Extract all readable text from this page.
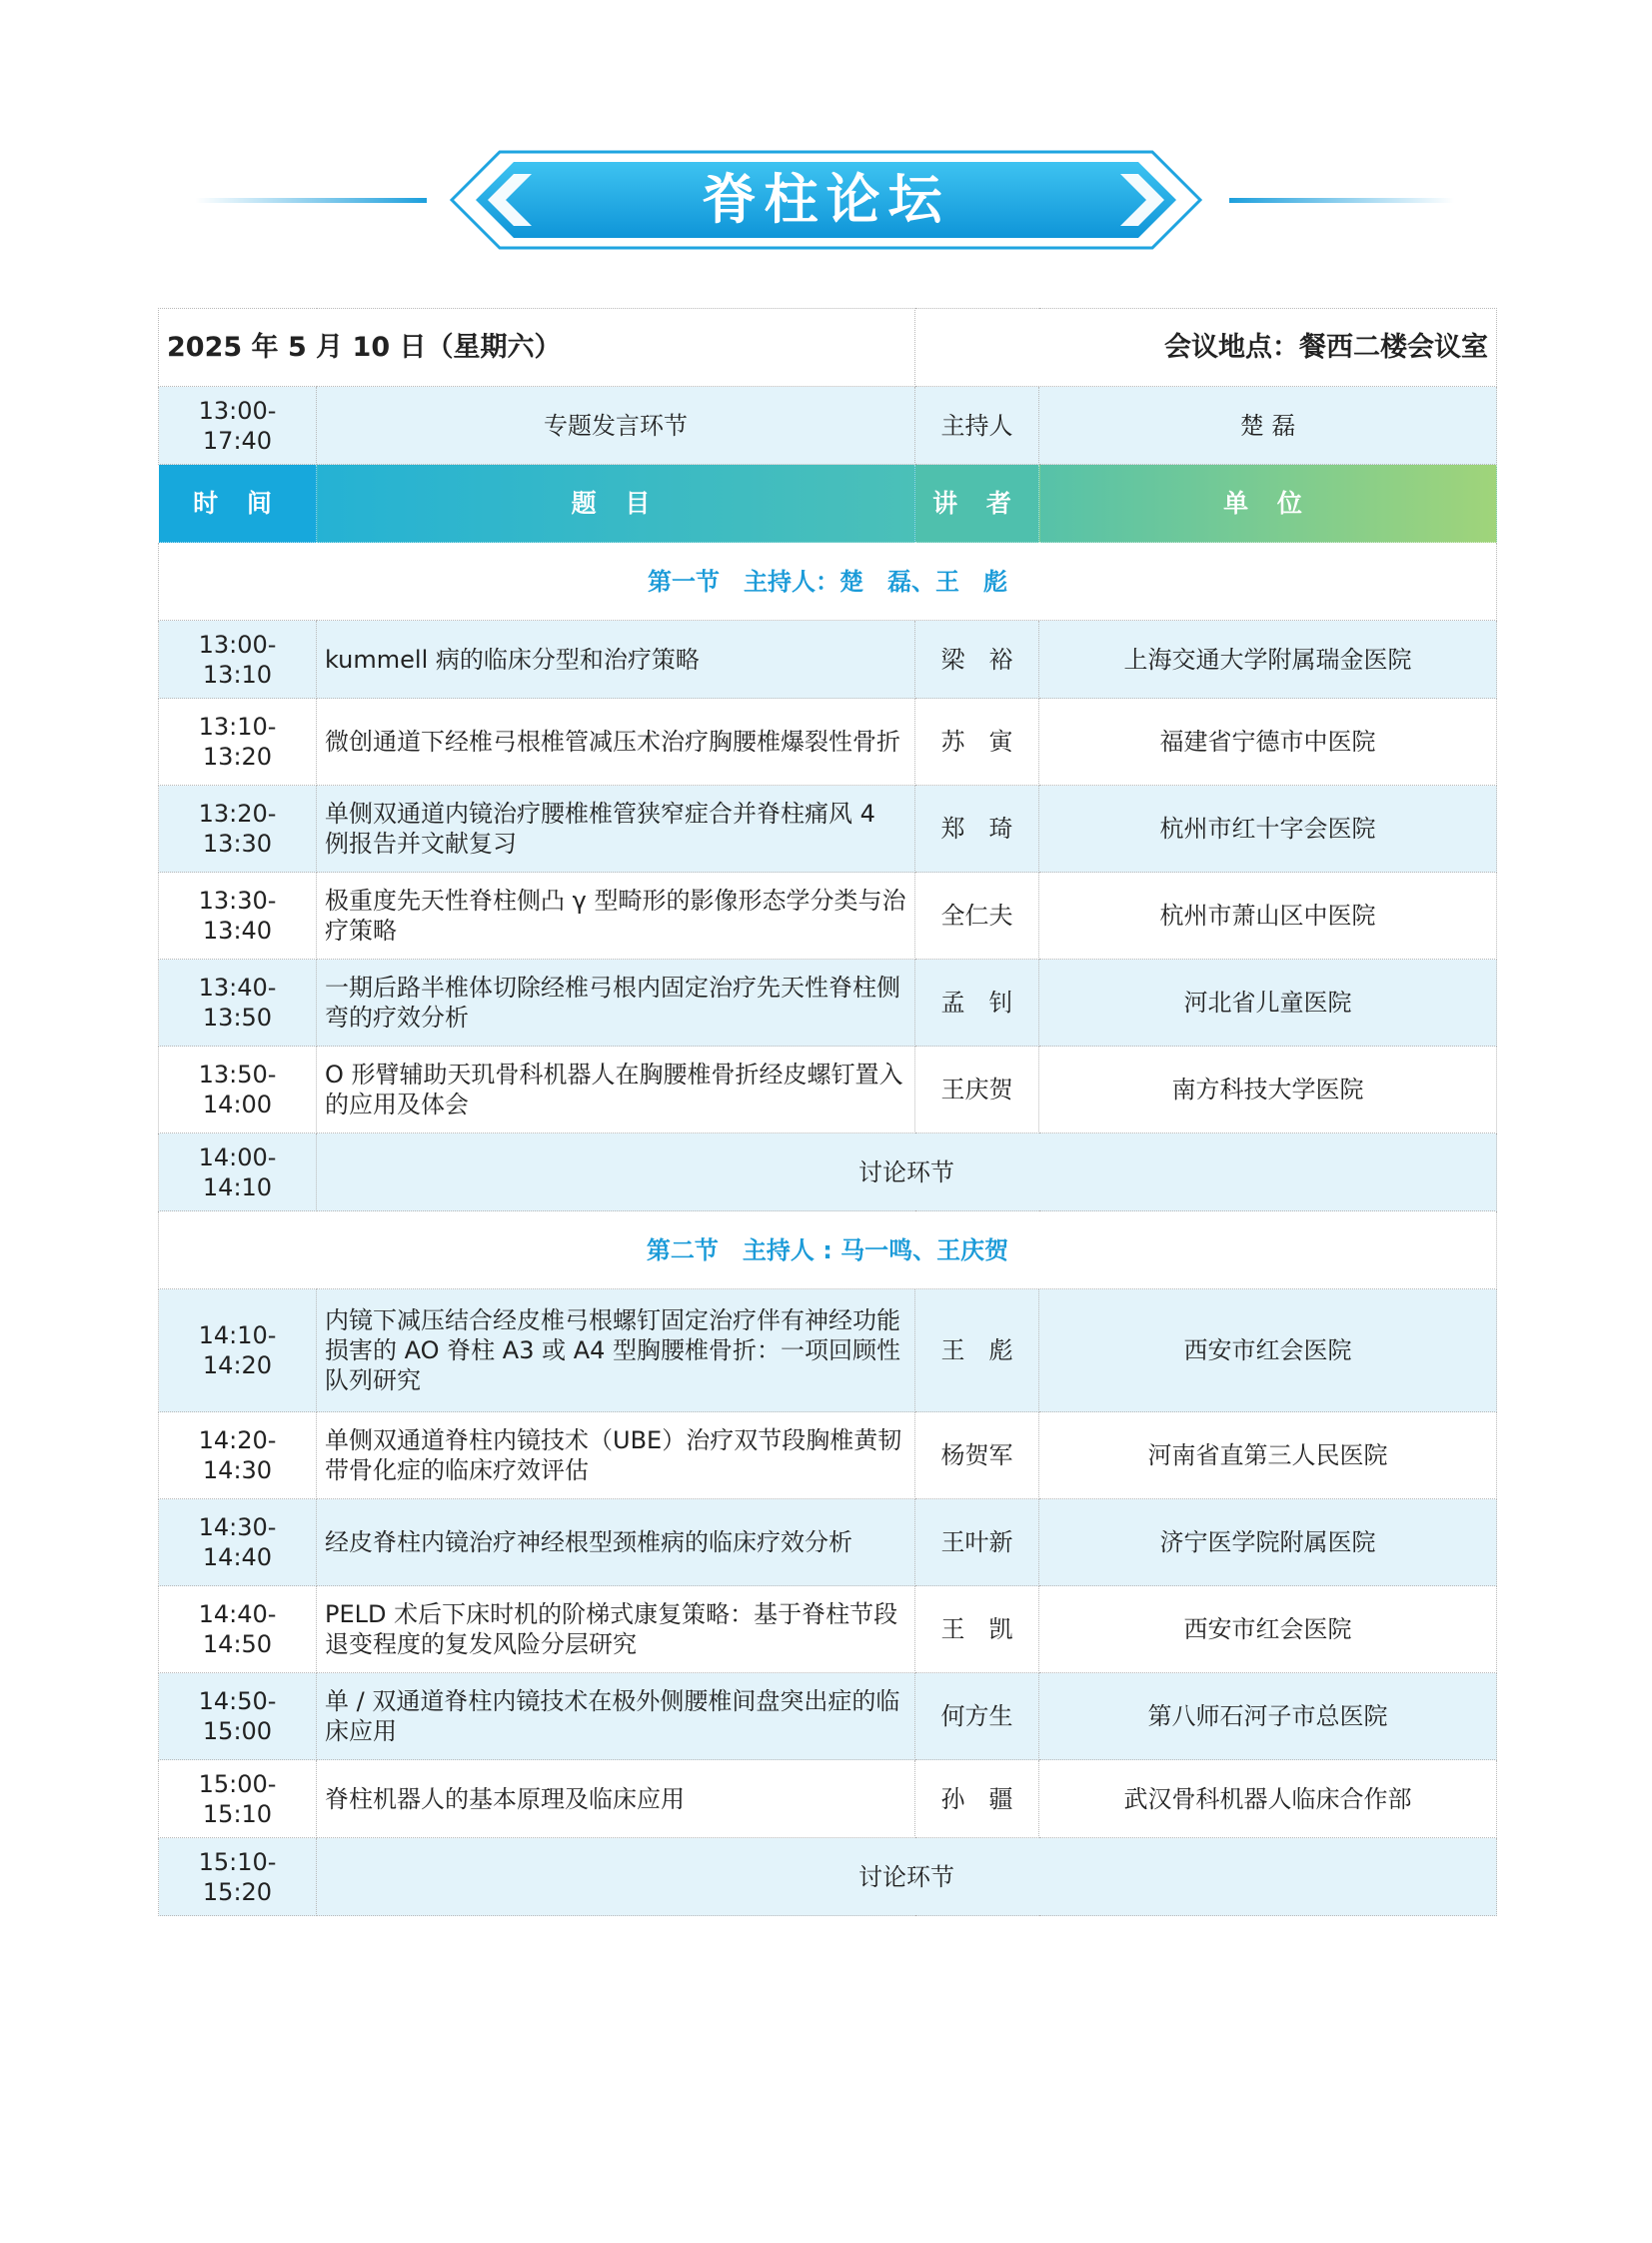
脊柱论坛
2025 年 5 月 10 日（星期六）		会议地点：餐西二楼会议室	
13:00-17:40	专题发言环节	主持人	楚 磊
时 间	题 目	讲 者	单 位
第一节　主持人：楚　磊、王　彪			
13:00-13:10	kummell 病的临床分型和治疗策略	梁　裕	上海交通大学附属瑞金医院
13:10-13:20	微创通道下经椎弓根椎管减压术治疗胸腰椎爆裂性骨折	苏　寅	福建省宁德市中医院
13:20-13:30	单侧双通道内镜治疗腰椎椎管狭窄症合并脊柱痛风 4 例报告并文献复习	郑　琦	杭州市红十字会医院
13:30-13:40	极重度先天性脊柱侧凸 γ 型畸形的影像形态学分类与治疗策略	全仁夫	杭州市萧山区中医院
13:40-13:50	一期后路半椎体切除经椎弓根内固定治疗先天性脊柱侧弯的疗效分析	孟　钊	河北省儿童医院
13:50-14:00	O 形臂辅助天玑骨科机器人在胸腰椎骨折经皮螺钉置入的应用及体会	王庆贺	南方科技大学医院
14:00-14:10	讨论环节		
第二节　主持人 : 马一鸣、王庆贺			
14:10-14:20	内镜下减压结合经皮椎弓根螺钉固定治疗伴有神经功能损害的 AO 脊柱 A3 或 A4 型胸腰椎骨折：一项回顾性队列研究	王　彪	西安市红会医院
14:20-14:30	单侧双通道脊柱内镜技术（UBE）治疗双节段胸椎黄韧带骨化症的临床疗效评估	杨贺军	河南省直第三人民医院
14:30-14:40	经皮脊柱内镜治疗神经根型颈椎病的临床疗效分析	王叶新	济宁医学院附属医院
14:40-14:50	PELD 术后下床时机的阶梯式康复策略：基于脊柱节段退变程度的复发风险分层研究	王　凯	西安市红会医院
14:50-15:00	单 / 双通道脊柱内镜技术在极外侧腰椎间盘突出症的临床应用	何方生	第八师石河子市总医院
15:00-15:10	脊柱机器人的基本原理及临床应用	孙　疆	武汉骨科机器人临床合作部
15:10-15:20	讨论环节		
